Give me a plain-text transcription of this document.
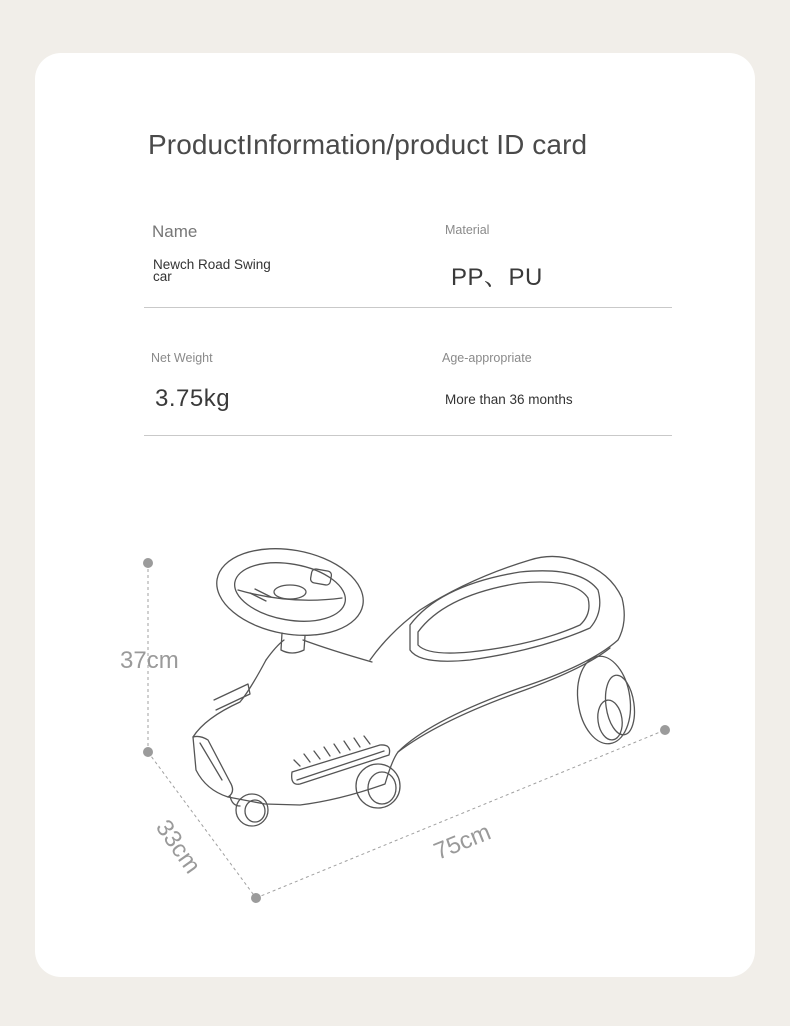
ProductInformation/product ID card
Name
Newch Road Swing car
Material
PP、PU
Net Weight
3.75kg
Age-appropriate
More than 36 months
37cm
33cm	75cm
